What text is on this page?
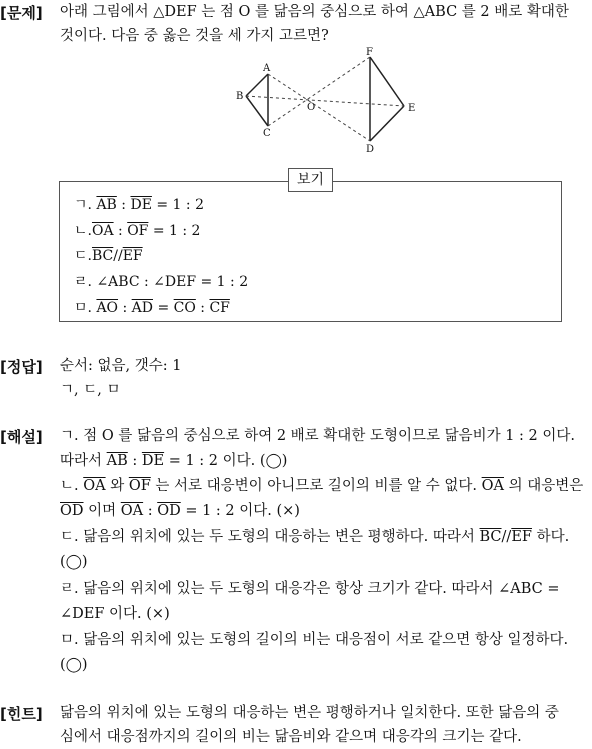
[문제] 아래 그림에서 △DEF 는 점 O 를 닮음의 중심으로 하여 △ABC 를 2 배로 확대한
것이다. 다음 중 옳은 것을 세 가지 고르면?
A
B
C
O
D
E
F
보기
ㄱ. $\overline{AB}$ : $\overline{DE} = 1$ : 2
ㄴ$.\overline{OA}$ : $\overline{OF} = 1$ : 2
ㄷ$.\overline{BC}//\overline{EF}$
ㄹ. ∠ABC : ∠DEF = 1 : 2
ㅁ. $\overline{AO}$ : $\overline{AD} = \overline{CO}$ : $\overline{CF}$
[정답] 순서: 없음, 갯수: 1
ㄱ, ㄷ, ㅁ
[해설] ㄱ. 점 O 를 닮음의 중심으로 하여 2 배로 확대한 도형이므로 닮음비가 1 : 2 이다.
따라서 $\overline{AB}$ : $\overline{DE} = 1$ : 2 이다. (◯)
ㄴ. $\overline{OA}$ 와 $\overline{OF}$ 는 서로 대응변이 아니므로 길이의 비를 알 수 없다. $\overline{OA}$ 의 대응변은
$\overline{OD}$ 이며 $\overline{OA}$ : $\overline{OD} = 1$ : 2 이다. (×)
ㄷ. 닮음의 위치에 있는 두 도형의 대응하는 변은 평행하다. 따라서 $\overline{BC}//\overline{EF}$ 하다.
(◯)
ㄹ. 닮음의 위치에 있는 두 도형의 대응각은 항상 크기가 같다. 따라서 ∠ABC =
∠DEF 이다. (×)
ㅁ. 닮음의 위치에 있는 도형의 길이의 비는 대응점이 서로 같으면 항상 일정하다.
(◯)
[힌트] 닮음의 위치에 있는 도형의 대응하는 변은 평행하거나 일치한다. 또한 닮음의 중
심에서 대응점까지의 길이의 비는 닮음비와 같으며 대응각의 크기는 같다.
